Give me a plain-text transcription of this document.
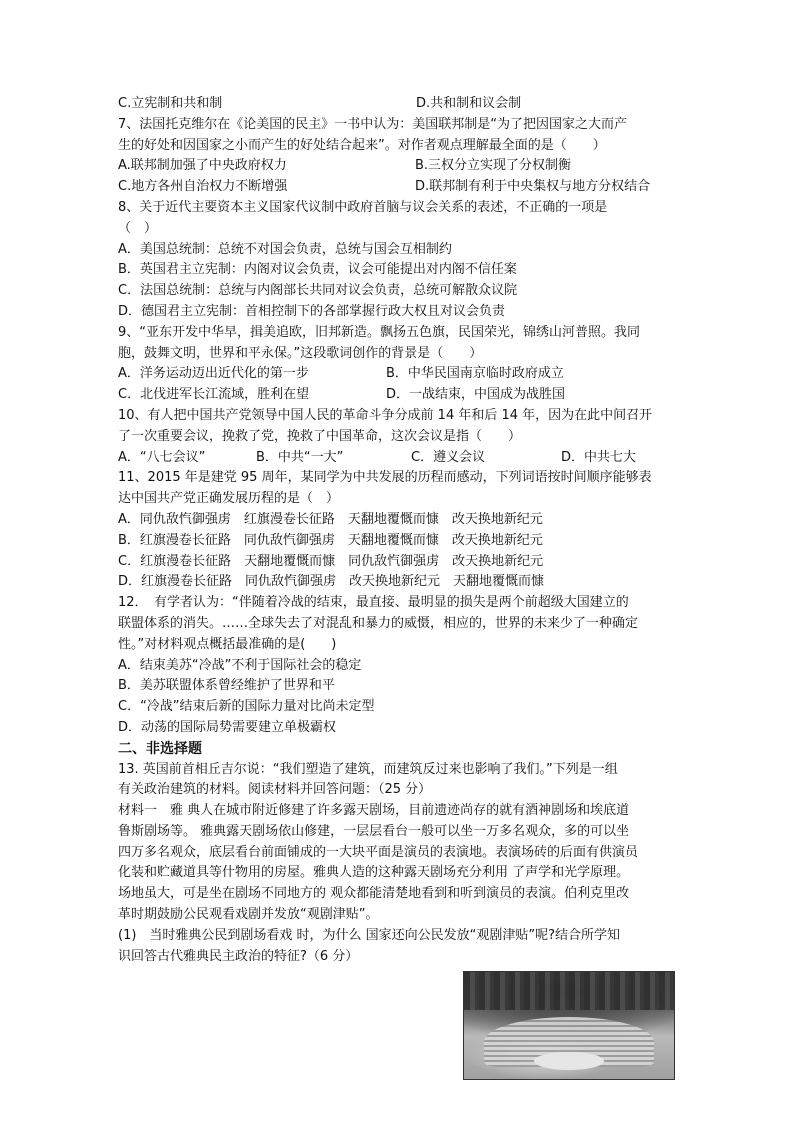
C.立宪制和共和制	D.共和制和议会制
7、法国托克维尔在《论美国的民主》一书中认为：美国联邦制是“为了把因国家之大而产
生的好处和因国家之小而产生的好处结合起来”。对作者观点理解最全面的是（　　）
A.联邦制加强了中央政府权力	B.三权分立实现了分权制衡
C.地方各州自治权力不断增强	D.联邦制有利于中央集权与地方分权结合
8、关于近代主要资本主义国家代议制中政府首脑与议会关系的表述，不正确的一项是
（　）
A．美国总统制：总统不对国会负责，总统与国会互相制约
B．英国君主立宪制：内阁对议会负责，议会可能提出对内阁不信任案
C．法国总统制：总统与内阁部长共同对议会负责，总统可解散众议院
D．德国君主立宪制：首相控制下的各部掌握行政大权且对议会负责
9、“亚东开发中华早，揖美追欧，旧邦新造。飘扬五色旗，民国荣光，锦绣山河普照。我同
胞，鼓舞文明，世界和平永保。”这段歌词创作的背景是（　　）
A．洋务运动迈出近代化的第一步	B．中华民国南京临时政府成立
C．北伐进军长江流域，胜利在望	D．一战结束，中国成为战胜国
10、有人把中国共产党领导中国人民的革命斗争分成前 14 年和后 14 年，因为在此中间召开
了一次重要会议，挽救了党，挽救了中国革命，这次会议是指（　　）
A．“八七会议”	B．中共“一大”	C．遵义会议	D．中共七大
11、2015 年是建党 95 周年，某同学为中共发展的历程而感动，下列词语按时间顺序能够表
达中国共产党正确发展历程的是（　）
A．同仇敌忾御强虏　红旗漫卷长征路　天翻地覆慨而慷　改天换地新纪元
B．红旗漫卷长征路　同仇敌忾御强虏　天翻地覆慨而慷　改天换地新纪元
C．红旗漫卷长征路　天翻地覆慨而慷　同仇敌忾御强虏　改天换地新纪元
D．红旗漫卷长征路　同仇敌忾御强虏　改天换地新纪元　天翻地覆慨而慷
12．　有学者认为：“伴随着冷战的结束，最直接、最明显的损失是两个前超级大国建立的
联盟体系的消失。……全球失去了对混乱和暴力的威慑，相应的，世界的未来少了一种确定
性。”对材料观点概括最准确的是(　　)
A．结束美苏“冷战”不利于国际社会的稳定
B．美苏联盟体系曾经维护了世界和平
C．“冷战”结束后新的国际力量对比尚未定型
D．动荡的国际局势需要建立单极霸权
二、非选择题
13. 英国前首相丘吉尔说：“我们塑造了建筑，而建筑反过来也影响了我们。”下列是一组
有关政治建筑的材料。阅读材料并回答问题：（25 分）
材料一　雅 典人在城市附近修建了许多露天剧场，目前遗迹尚存的就有酒神剧场和埃底道
鲁斯剧场等。 雅典露天剧场依山修建，一层层看台一般可以坐一万多名观众，多的可以坐
四万多名观众，底层看台前面铺成的一大块平面是演员的表演地。表演场砖的后面有供演员
化装和贮藏道具等什物用的房屋。雅典人造的这种露天剧场充分利用 了声学和光学原理。
场地虽大，可是坐在剧场不同地方的 观众都能清楚地看到和听到演员的表演。伯利克里改
革时期鼓励公民观看戏剧并发放“观剧津贴”。
(1)　当时雅典公民到剧场看戏 时，为什么 国家还向公民发放“观剧津贴”呢?结合所学知
识回答古代雅典民主政治的特征?（6 分）
